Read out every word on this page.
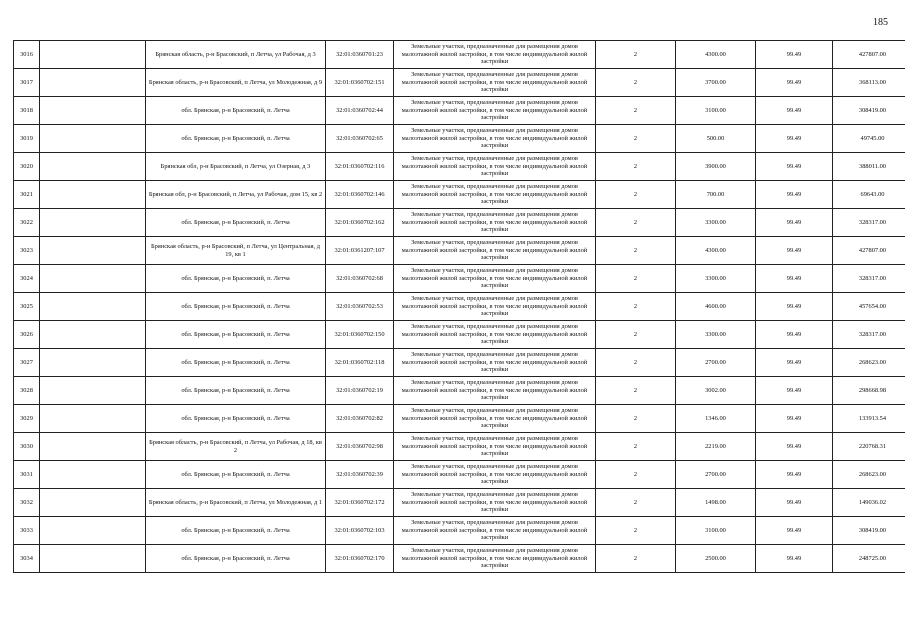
185
3016		Брянская область, р-н Брасовский, п Летча, ул Рабочая, д 3	32:01:0360701:23	Земельные участки, предназначенные для размещения домов малоэтажной жилой застройки, в том числе индивидуальной жилой застройки	2	4300.00	99.49	427807.00
3017		Брянская область, р-н Брасовский, п Летча, ул Молодежная, д 9	32:01:0360702:151	Земельные участки, предназначенные для размещения домов малоэтажной жилой застройки, в том числе индивидуальной жилой застройки	2	3700.00	99.49	368113.00
3018		обл. Брянская, р-н Брасовский, п. Летча	32:01:0360702:44	Земельные участки, предназначенные для размещения домов малоэтажной жилой застройки, в том числе индивидуальной жилой застройки	2	3100.00	99.49	308419.00
3019		обл. Брянская, р-н Брасовский, п. Летча	32:01:0360702:65	Земельные участки, предназначенные для размещения домов малоэтажной жилой застройки, в том числе индивидуальной жилой застройки	2	500.00	99.49	49745.00
3020		Брянская обл, р-н Брасовский, п Летча, ул Озерная, д 3	32:01:0360702:116	Земельные участки, предназначенные для размещения домов малоэтажной жилой застройки, в том числе индивидуальной жилой застройки	2	3900.00	99.49	388011.00
3021		Брянская обл, р-н Брасовский, п Летча, ул Рабочая, дом 15, кв 2	32:01:0360702:146	Земельные участки, предназначенные для размещения домов малоэтажной жилой застройки, в том числе индивидуальной жилой застройки	2	700.00	99.49	69643.00
3022		обл. Брянская, р-н Брасовский, п. Летча	32:01:0360702:162	Земельные участки, предназначенные для размещения домов малоэтажной жилой застройки, в том числе индивидуальной жилой застройки	2	3300.00	99.49	328317.00
3023		Брянская область, р-н Брасовский, п Летча, ул Центральная, д 19, кв 1	32:01:0361207:107	Земельные участки, предназначенные для размещения домов малоэтажной жилой застройки, в том числе индивидуальной жилой застройки	2	4300.00	99.49	427807.00
3024		обл. Брянская, р-н Брасовский, п. Летча	32:01:0360702:68	Земельные участки, предназначенные для размещения домов малоэтажной жилой застройки, в том числе индивидуальной жилой застройки	2	3300.00	99.49	328317.00
3025		обл. Брянская, р-н Брасовский, п. Летча	32:01:0360702:53	Земельные участки, предназначенные для размещения домов малоэтажной жилой застройки, в том числе индивидуальной жилой застройки	2	4600.00	99.49	457654.00
3026		обл. Брянская, р-н Брасовский, п. Летча	32:01:0360702:150	Земельные участки, предназначенные для размещения домов малоэтажной жилой застройки, в том числе индивидуальной жилой застройки	2	3300.00	99.49	328317.00
3027		обл. Брянская, р-н Брасовский, п. Летча	32:01:0360702:118	Земельные участки, предназначенные для размещения домов малоэтажной жилой застройки, в том числе индивидуальной жилой застройки	2	2700.00	99.49	268623.00
3028		обл. Брянская, р-н Брасовский, п. Летча	32:01:0360702:19	Земельные участки, предназначенные для размещения домов малоэтажной жилой застройки, в том числе индивидуальной жилой застройки	2	3002.00	99.49	298668.98
3029		обл. Брянская, р-н Брасовский, п. Летча	32:01:0360702:82	Земельные участки, предназначенные для размещения домов малоэтажной жилой застройки, в том числе индивидуальной жилой застройки	2	1346.00	99.49	133913.54
3030		Брянская область, р-н Брасовский, п Летча, ул Рабочая, д 18, кв 2	32:01:0360702:98	Земельные участки, предназначенные для размещения домов малоэтажной жилой застройки, в том числе индивидуальной жилой застройки	2	2219.00	99.49	220768.31
3031		обл. Брянская, р-н Брасовский, п. Летча	32:01:0360702:39	Земельные участки, предназначенные для размещения домов малоэтажной жилой застройки, в том числе индивидуальной жилой застройки	2	2700.00	99.49	268623.00
3032		Брянская область, р-н Брасовский, п Летча, ул Молодежная, д 1	32:01:0360702:172	Земельные участки, предназначенные для размещения домов малоэтажной жилой застройки, в том числе индивидуальной жилой застройки	2	1498.00	99.49	149036.02
3033		обл. Брянская, р-н Брасовский, п. Летча	32:01:0360702:103	Земельные участки, предназначенные для размещения домов малоэтажной жилой застройки, в том числе индивидуальной жилой застройки	2	3100.00	99.49	308419.00
3034		обл. Брянская, р-н Брасовский, п. Летча	32:01:0360702:170	Земельные участки, предназначенные для размещения домов малоэтажной жилой застройки, в том числе индивидуальной жилой застройки	2	2500.00	99.49	248725.00
